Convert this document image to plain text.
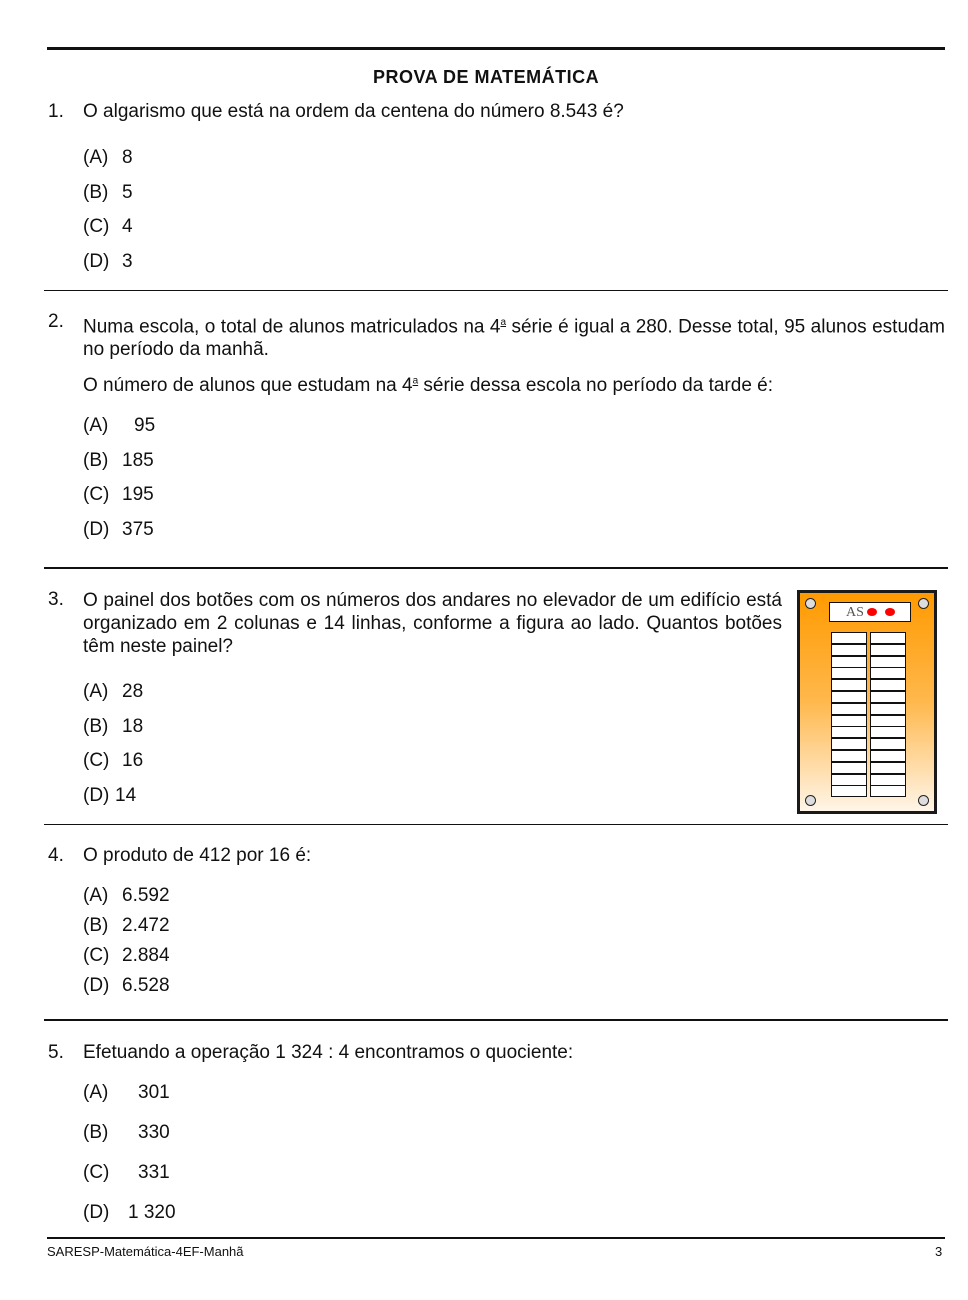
PROVA DE MATEMÁTICA
1. O algarismo que está na ordem da centena do número 8.543 é?
(A) 8
(B) 5
(C) 4
(D) 3
2. Numa escola, o total de alunos matriculados na 4$^a$ série é igual a 280. Desse total, 95 alunos estudam no período da manhã.
O número de alunos que estudam na 4$^a$ série dessa escola no período da tarde é:
(A) 95
(B) 185
(C) 195
(D) 375
3. O painel dos botões com os números dos andares no elevador de um edifício está organizado em 2 colunas e 14 linhas, conforme a figura ao lado. Quantos botões têm neste painel?
AS
(A) 28
(B) 18
(C) 16
(D) 14
4. O produto de 412 por 16 é:
(A) 6.592
(B) 2.472
(C) 2.884
(D) 6.528
5. Efetuando a operação 1 324 : 4 encontramos o quociente:
(A) 301
(B) 330
(C) 331
(D) 1 320
SARESP-Matemática-4EF-Manhã	3
